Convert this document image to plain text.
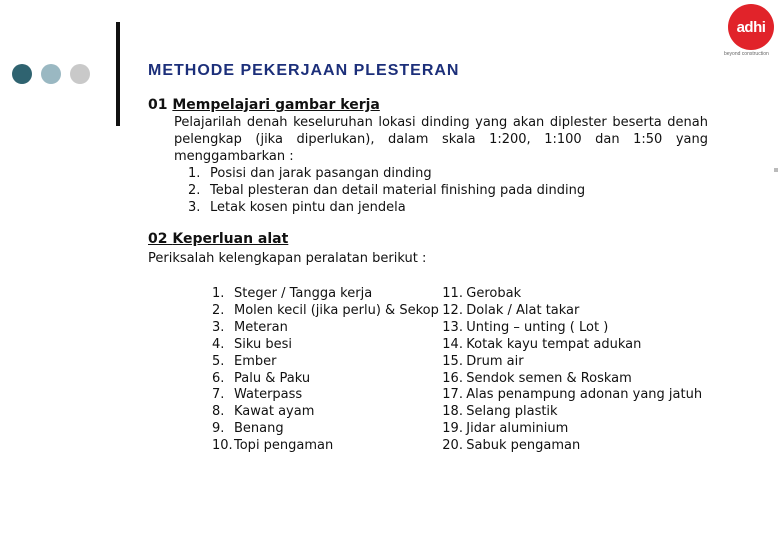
adhi
beyond construction
METHODE PEKERJAAN PLESTERAN
01 Mempelajari gambar kerja
Pelajarilah denah keseluruhan lokasi dinding yang akan diplester beserta denah pelengkap (jika diperlukan), dalam skala 1:200, 1:100 dan 1:50 yang menggambarkan :
1. Posisi dan jarak pasangan dinding
2. Tebal plesteran dan detail material finishing pada dinding
3. Letak kosen pintu dan jendela
02 Keperluan alat
Periksalah kelengkapan peralatan berikut :
1. Steger / Tangga kerja
2. Molen kecil (jika perlu) & Sekop
3. Meteran
4. Siku besi
5. Ember
6. Palu & Paku
7. Waterpass
8. Kawat ayam
9. Benang
10. Topi pengaman
11. Gerobak
12. Dolak / Alat takar
13. Unting – unting ( Lot )
14. Kotak kayu tempat adukan
15. Drum air
16. Sendok semen & Roskam
17. Alas penampung adonan yang jatuh
18. Selang plastik
19. Jidar aluminium
20. Sabuk pengaman
